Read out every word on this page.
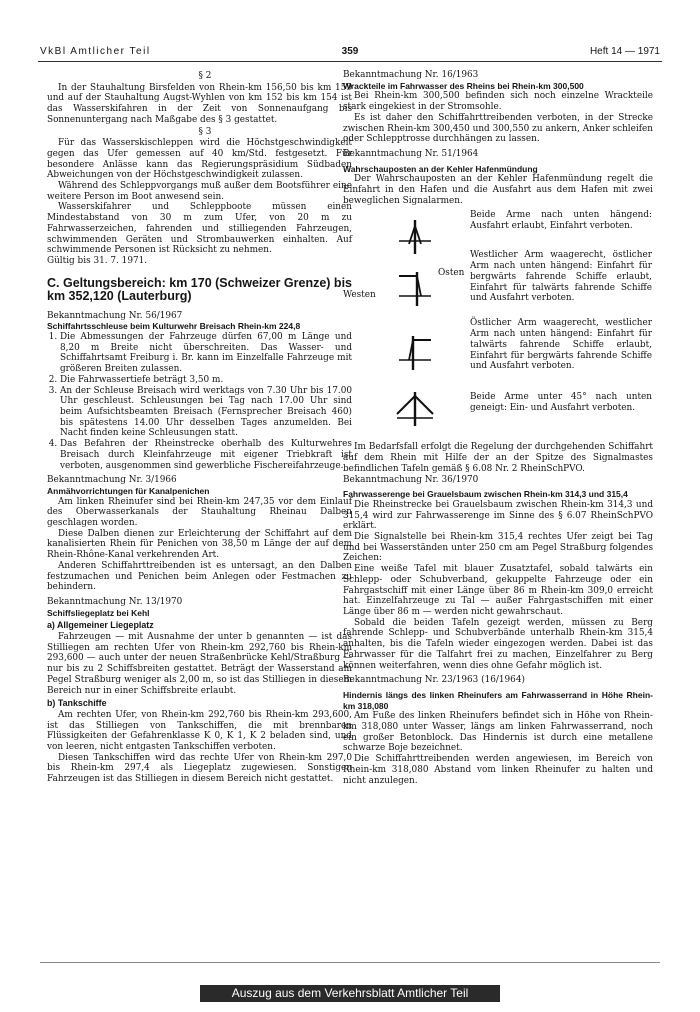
VkBl Amtlicher Teil	359	Heft 14 — 1971

§ 2

In der Stauhaltung Birsfelden von Rhein-km 156,50 bis km 159 und auf der Stauhaltung Augst-Wyhlen von km 152 bis km 154 ist das Wasserskifahren in der Zeit von Sonnenaufgang bis Sonnenuntergang nach Maßgabe des § 3 gestattet.

§ 3

Für das Wasserskischleppen wird die Höchstgeschwindigkeit gegen das Ufer gemessen auf 40 km/Std. festgesetzt. Für besondere Anlässe kann das Regierungspräsidium Südbaden Abweichungen von der Höchstgeschwindigkeit zulassen.

Während des Schleppvorgangs muß außer dem Bootsführer eine weitere Person im Boot anwesend sein.

Wasserskifahrer und Schleppboote müssen einen Mindestabstand von 30 m zum Ufer, von 20 m zu Fahrwasserzeichen, fahrenden und stilliegenden Fahrzeugen, schwimmenden Geräten und Strombauwerken einhalten. Auf schwimmende Personen ist Rücksicht zu nehmen.

Gültig bis 31. 7. 1971.

C. Geltungsbereich: km 170 (Schweizer Grenze) bis km 352,120 (Lauterburg)

Bekanntmachung Nr. 56/1967

Schiffahrtsschleuse beim Kulturwehr Breisach Rhein-km 224,8

1. Die Abmessungen der Fahrzeuge dürfen 67,00 m Länge und 8,20 m Breite nicht überschreiten. Das Wasser- und Schiffahrtsamt Freiburg i. Br. kann im Einzelfalle Fahrzeuge mit größeren Breiten zulassen.
2. Die Fahrwassertiefe beträgt 3,50 m.
3. An der Schleuse Breisach wird werktags von 7.30 Uhr bis 17.00 Uhr geschleust. Schleusungen bei Tag nach 17.00 Uhr sind beim Aufsichtsbeamten Breisach (Fernsprecher Breisach 460) bis spätestens 14.00 Uhr desselben Tages anzumelden. Bei Nacht finden keine Schleusungen statt.
4. Das Befahren der Rheinstrecke oberhalb des Kulturwehres Breisach durch Kleinfahrzeuge mit eigener Triebkraft ist verboten, ausgenommen sind gewerbliche Fischereifahrzeuge.

Bekanntmachung Nr. 3/1966

Anmähvorrichtungen für Kanalpenichen

Am linken Rheinufer sind bei Rhein-km 247,35 vor dem Einlauf des Oberwasserkanals der Stauhaltung Rheinau Dalben geschlagen worden.

Diese Dalben dienen zur Erleichterung der Schiffahrt auf dem kanalisierten Rhein für Penichen von 38,50 m Länge der auf dem Rhein-Rhône-Kanal verkehrenden Art.

Anderen Schiffahrttreibenden ist es untersagt, an den Dalben festzumachen und Penichen beim Anlegen oder Festmachen zu behindern.

Bekanntmachung Nr. 13/1970

Schiffsliegeplatz bei Kehl

a) Allgemeiner Liegeplatz

Fahrzeugen — mit Ausnahme der unter b genannten — ist das Stilliegen am rechten Ufer von Rhein-km 292,760 bis Rhein-km 293,600 — auch unter der neuen Straßenbrücke Kehl/Straßburg — nur bis zu 2 Schiffsbreiten gestattet. Beträgt der Wasserstand am Pegel Straßburg weniger als 2,00 m, so ist das Stilliegen in diesem Bereich nur in einer Schiffsbreite erlaubt.

b) Tankschiffe

Am rechten Ufer, von Rhein-km 292,760 bis Rhein-km 293,600, ist das Stilliegen von Tankschiffen, die mit brennbaren Flüssigkeiten der Gefahrenklasse K 0, K 1, K 2 beladen sind, und von leeren, nicht entgasten Tankschiffen verboten.

Diesen Tankschiffen wird das rechte Ufer von Rhein-km 297,0 bis Rhein-km 297,4 als Liegeplatz zugewiesen. Sonstigen Fahrzeugen ist das Stilliegen in diesem Bereich nicht gestattet.

Bekanntmachung Nr. 16/1963

Wrackteile im Fahrwasser des Rheins bei Rhein-km 300,500

Bei Rhein-km 300,500 befinden sich noch einzelne Wrackteile stark eingekiest in der Stromsohle.

Es ist daher den Schiffahrttreibenden verboten, in der Strecke zwischen Rhein-km 300,450 und 300,550 zu ankern, Anker schleifen oder Schlepptrosse durchhängen zu lassen.

Bekanntmachung Nr. 51/1964

Wahrschauposten an der Kehler Hafenmündung

Der Wahrschauposten an der Kehler Hafenmündung regelt die Einfahrt in den Hafen und die Ausfahrt aus dem Hafen mit zwei beweglichen Signalarmen.

Westen
Osten
Beide Arme nach unten hängend: Ausfahrt erlaubt, Einfahrt verboten.
Westlicher Arm waagerecht, östlicher Arm nach unten hängend: Einfahrt für bergwärts fahrende Schiffe erlaubt, Einfahrt für talwärts fahrende Schiffe und Ausfahrt verboten.
Östlicher Arm waagerecht, westlicher Arm nach unten hängend: Einfahrt für talwärts fahrende Schiffe erlaubt, Einfahrt für bergwärts fahrende Schiffe und Ausfahrt verboten.
Beide Arme unter 45° nach unten geneigt: Ein- und Ausfahrt verboten.

Im Bedarfsfall erfolgt die Regelung der durchgehenden Schiffahrt auf dem Rhein mit Hilfe der an der Spitze des Signalmastes befindlichen Tafeln gemäß § 6.08 Nr. 2 RheinSchPVO.

Bekanntmachung Nr. 36/1970

Fahrwasserenge bei Grauelsbaum zwischen Rhein-km 314,3 und 315,4

Die Rheinstrecke bei Grauelsbaum zwischen Rhein-km 314,3 und 315,4 wird zur Fahrwasserenge im Sinne des § 6.07 RheinSchPVO erklärt.

Die Signalstelle bei Rhein-km 315,4 rechtes Ufer zeigt bei Tag und bei Wasserständen unter 250 cm am Pegel Straßburg folgendes Zeichen:

Eine weiße Tafel mit blauer Zusatztafel, sobald talwärts ein Schlepp- oder Schubverband, gekuppelte Fahrzeuge oder ein Fahrgastschiff mit einer Länge über 86 m Rhein-km 309,0 erreicht hat. Einzelfahrzeuge zu Tal — außer Fahrgastschiffen mit einer Länge über 86 m — werden nicht gewahrschaut.

Sobald die beiden Tafeln gezeigt werden, müssen zu Berg fahrende Schlepp- und Schubverbände unterhalb Rhein-km 315,4 anhalten, bis die Tafeln wieder eingezogen werden. Dabei ist das Fahrwasser für die Talfahrt frei zu machen, Einzelfahrer zu Berg können weiterfahren, wenn dies ohne Gefahr möglich ist.

Bekanntmachung Nr. 23/1963 (16/1964)

Hindernis längs des linken Rheinufers am Fahrwasserrand in Höhe Rhein-km 318,080

Am Fuße des linken Rheinufers befindet sich in Höhe von Rhein-km 318,080 unter Wasser, längs am linken Fahrwasserrand, noch ein großer Betonblock. Das Hindernis ist durch eine metallene schwarze Boje bezeichnet.

Die Schiffahrttreibenden werden angewiesen, im Bereich von Rhein-km 318,080 Abstand vom linken Rheinufer zu halten und nicht anzulegen.

Auszug aus dem Verkehrsblatt Amtlicher Teil
